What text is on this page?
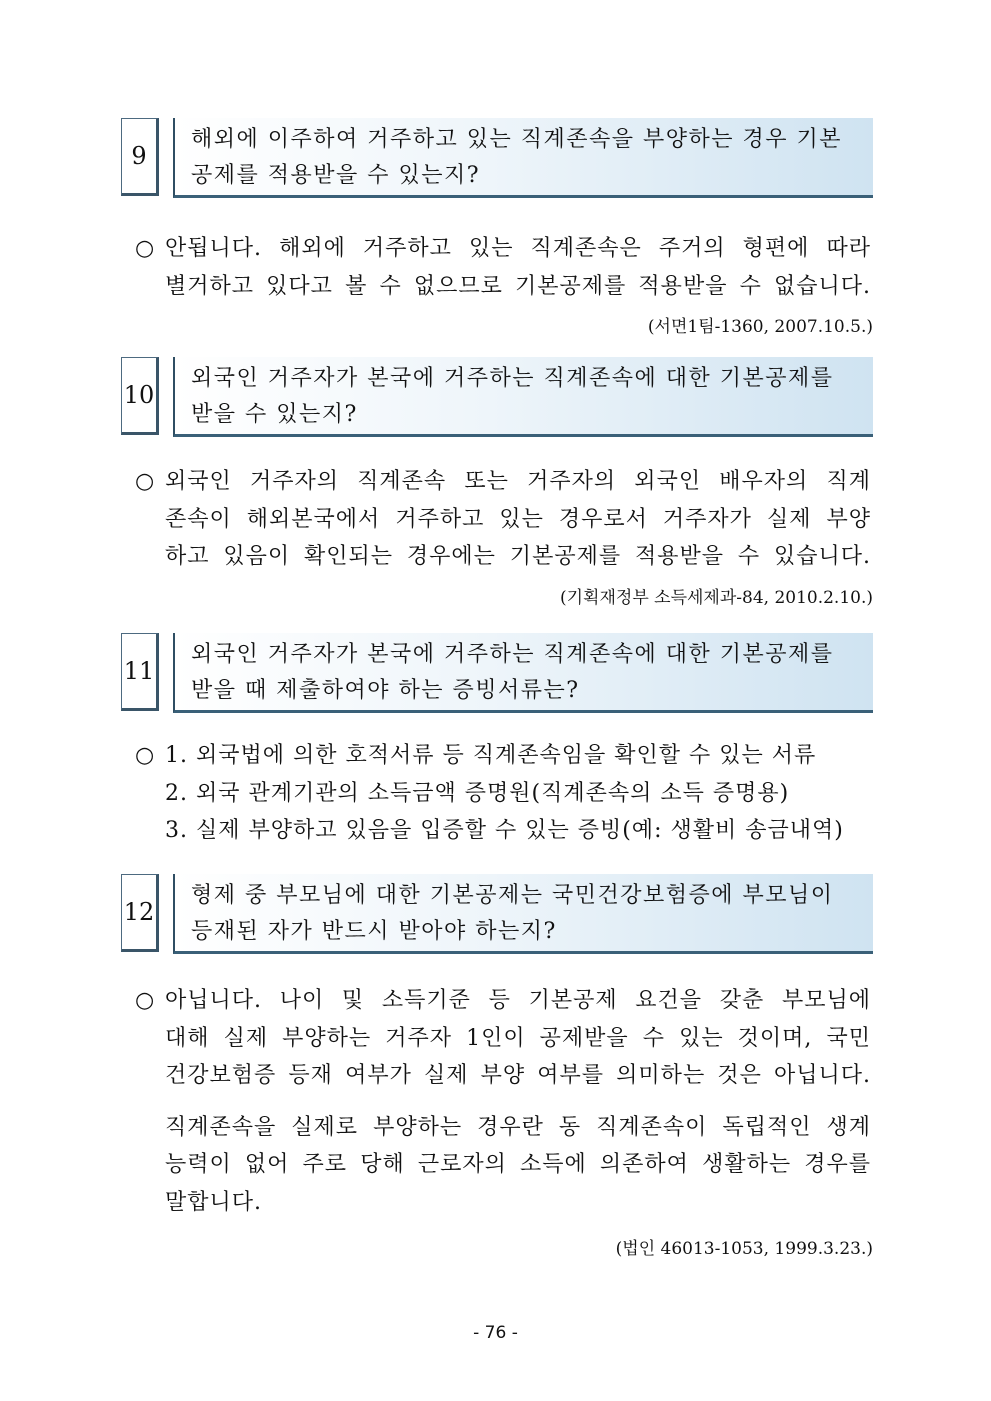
9
해외에 이주하여 거주하고 있는 직계존속을 부양하는 경우 기본
공제를 적용받을 수 있는지?
○ 안됩니다. 해외에 거주하고 있는 직계존속은 주거의 형편에 따라
별거하고 있다고 볼 수 없으므로 기본공제를 적용받을 수 없습니다.
(서면1팀-1360, 2007.10.5.)
10
외국인 거주자가 본국에 거주하는 직계존속에 대한 기본공제를
받을 수 있는지?
○ 외국인 거주자의 직계존속 또는 거주자의 외국인 배우자의 직계
존속이 해외본국에서 거주하고 있는 경우로서 거주자가 실제 부양
하고 있음이 확인되는 경우에는 기본공제를 적용받을 수 있습니다.
(기획재정부 소득세제과-84, 2010.2.10.)
11
외국인 거주자가 본국에 거주하는 직계존속에 대한 기본공제를
받을 때 제출하여야 하는 증빙서류는?
○ 1. 외국법에 의한 호적서류 등 직계존속임을 확인할 수 있는 서류
2. 외국 관계기관의 소득금액 증명원(직계존속의 소득 증명용)
3. 실제 부양하고 있음을 입증할 수 있는 증빙(예: 생활비 송금내역)
12
형제 중 부모님에 대한 기본공제는 국민건강보험증에 부모님이
등재된 자가 반드시 받아야 하는지?
○ 아닙니다. 나이 및 소득기준 등 기본공제 요건을 갖춘 부모님에
대해 실제 부양하는 거주자 1인이 공제받을 수 있는 것이며, 국민
건강보험증 등재 여부가 실제 부양 여부를 의미하는 것은 아닙니다.
직계존속을 실제로 부양하는 경우란 동 직계존속이 독립적인 생계
능력이 없어 주로 당해 근로자의 소득에 의존하여 생활하는 경우를
말합니다.
(법인 46013-1053, 1999.3.23.)
- 76 -
